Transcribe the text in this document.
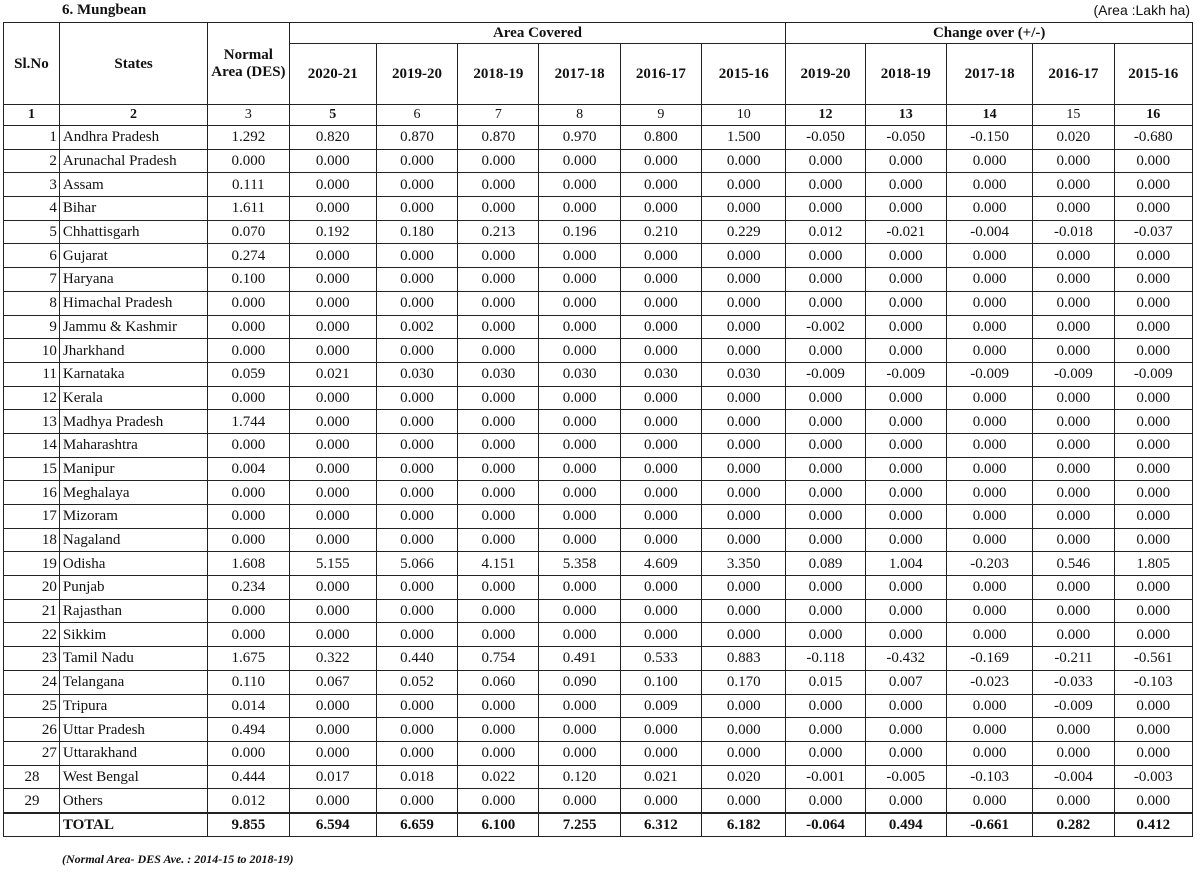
6. Mungbean	(Area :Lakh ha)
Sl.No	States	Normal Area (DES)	Area Covered						Change over (+/-)				
			2020-21	2019-20	2018-19	2017-18	2016-17	2015-16	2019-20	2018-19	2017-18	2016-17	2015-16
1	2	3	5	6	7	8	9	10	12	13	14	15	16
1	Andhra Pradesh	1.292	0.820	0.870	0.870	0.970	0.800	1.500	-0.050	-0.050	-0.150	0.020	-0.680
2	Arunachal Pradesh	0.000	0.000	0.000	0.000	0.000	0.000	0.000	0.000	0.000	0.000	0.000	0.000
3	Assam	0.111	0.000	0.000	0.000	0.000	0.000	0.000	0.000	0.000	0.000	0.000	0.000
4	Bihar	1.611	0.000	0.000	0.000	0.000	0.000	0.000	0.000	0.000	0.000	0.000	0.000
5	Chhattisgarh	0.070	0.192	0.180	0.213	0.196	0.210	0.229	0.012	-0.021	-0.004	-0.018	-0.037
6	Gujarat	0.274	0.000	0.000	0.000	0.000	0.000	0.000	0.000	0.000	0.000	0.000	0.000
7	Haryana	0.100	0.000	0.000	0.000	0.000	0.000	0.000	0.000	0.000	0.000	0.000	0.000
8	Himachal Pradesh	0.000	0.000	0.000	0.000	0.000	0.000	0.000	0.000	0.000	0.000	0.000	0.000
9	Jammu & Kashmir	0.000	0.000	0.002	0.000	0.000	0.000	0.000	-0.002	0.000	0.000	0.000	0.000
10	Jharkhand	0.000	0.000	0.000	0.000	0.000	0.000	0.000	0.000	0.000	0.000	0.000	0.000
11	Karnataka	0.059	0.021	0.030	0.030	0.030	0.030	0.030	-0.009	-0.009	-0.009	-0.009	-0.009
12	Kerala	0.000	0.000	0.000	0.000	0.000	0.000	0.000	0.000	0.000	0.000	0.000	0.000
13	Madhya Pradesh	1.744	0.000	0.000	0.000	0.000	0.000	0.000	0.000	0.000	0.000	0.000	0.000
14	Maharashtra	0.000	0.000	0.000	0.000	0.000	0.000	0.000	0.000	0.000	0.000	0.000	0.000
15	Manipur	0.004	0.000	0.000	0.000	0.000	0.000	0.000	0.000	0.000	0.000	0.000	0.000
16	Meghalaya	0.000	0.000	0.000	0.000	0.000	0.000	0.000	0.000	0.000	0.000	0.000	0.000
17	Mizoram	0.000	0.000	0.000	0.000	0.000	0.000	0.000	0.000	0.000	0.000	0.000	0.000
18	Nagaland	0.000	0.000	0.000	0.000	0.000	0.000	0.000	0.000	0.000	0.000	0.000	0.000
19	Odisha	1.608	5.155	5.066	4.151	5.358	4.609	3.350	0.089	1.004	-0.203	0.546	1.805
20	Punjab	0.234	0.000	0.000	0.000	0.000	0.000	0.000	0.000	0.000	0.000	0.000	0.000
21	Rajasthan	0.000	0.000	0.000	0.000	0.000	0.000	0.000	0.000	0.000	0.000	0.000	0.000
22	Sikkim	0.000	0.000	0.000	0.000	0.000	0.000	0.000	0.000	0.000	0.000	0.000	0.000
23	Tamil Nadu	1.675	0.322	0.440	0.754	0.491	0.533	0.883	-0.118	-0.432	-0.169	-0.211	-0.561
24	Telangana	0.110	0.067	0.052	0.060	0.090	0.100	0.170	0.015	0.007	-0.023	-0.033	-0.103
25	Tripura	0.014	0.000	0.000	0.000	0.000	0.009	0.000	0.000	0.000	0.000	-0.009	0.000
26	Uttar Pradesh	0.494	0.000	0.000	0.000	0.000	0.000	0.000	0.000	0.000	0.000	0.000	0.000
27	Uttarakhand	0.000	0.000	0.000	0.000	0.000	0.000	0.000	0.000	0.000	0.000	0.000	0.000
28	West Bengal	0.444	0.017	0.018	0.022	0.120	0.021	0.020	-0.001	-0.005	-0.103	-0.004	-0.003
29	Others	0.012	0.000	0.000	0.000	0.000	0.000	0.000	0.000	0.000	0.000	0.000	0.000
	TOTAL	9.855	6.594	6.659	6.100	7.255	6.312	6.182	-0.064	0.494	-0.661	0.282	0.412
(Normal Area- DES Ave. : 2014-15 to 2018-19)
